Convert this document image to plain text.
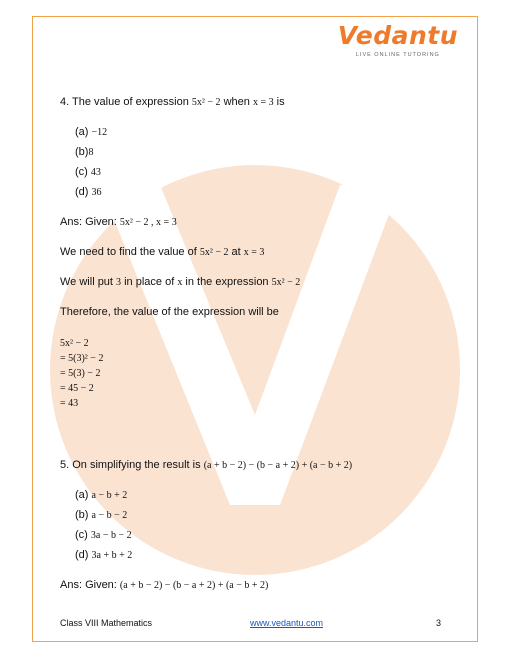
Vedantu
LIVE ONLINE TUTORING
4. The value of expression 5x² − 2 when x = 3 is
(a) −12
(b)8
(c) 43
(d) 36
Ans: Given: 5x² − 2 , x = 3
We need to find the value of 5x² − 2 at x = 3
We will put 3 in place of x in the expression 5x² − 2
Therefore, the value of the expression will be
5x² − 2
= 5(3)² − 2
= 5(3) − 2
= 45 − 2
= 43
5. On simplifying the result is (a + b − 2) − (b − a + 2) + (a − b + 2)
(a) a − b + 2
(b) a − b − 2
(c) 3a − b − 2
(d) 3a + b + 2
Ans: Given: (a + b − 2) − (b − a + 2) + (a − b + 2)
Class VIII Mathematics	www.vedantu.com	3
